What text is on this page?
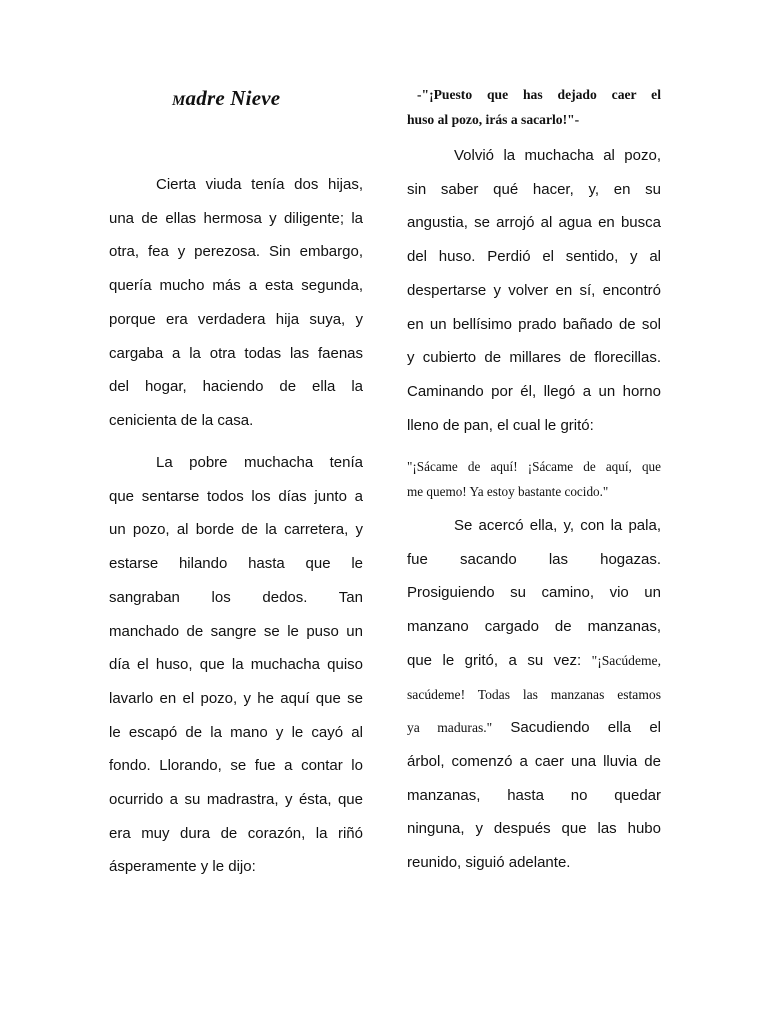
Madre Nieve
Cierta viuda tenía dos hijas,
una de ellas hermosa y diligente; la
otra, fea y perezosa. Sin embargo,
quería mucho más a esta segunda,
porque era verdadera hija suya, y
cargaba a la otra todas las faenas
del hogar, haciendo de ella la
cenicienta de la casa.
La pobre muchacha tenía
que sentarse todos los días junto a
un pozo, al borde de la carretera, y
estarse hilando hasta que le
sangraban los dedos. Tan
manchado de sangre se le puso un
día el huso, que la muchacha quiso
lavarlo en el pozo, y he aquí que se
le escapó de la mano y le cayó al
fondo. Llorando, se fue a contar lo
ocurrido a su madrastra, y ésta, que
era muy dura de corazón, la riñó
ásperamente y le dijo:
-"¡Puesto que has dejado caer el
huso al pozo, irás a sacarlo!"-
Volvió la muchacha al pozo,
sin saber qué hacer, y, en su
angustia, se arrojó al agua en busca
del huso. Perdió el sentido, y al
despertarse y volver en sí, encontró
en un bellísimo prado bañado de sol
y cubierto de millares de florecillas.
Caminando por él, llegó a un horno
lleno de pan, el cual le gritó:
"¡Sácame de aquí! ¡Sácame de aquí, que
me quemo! Ya estoy bastante cocido."
Se acercó ella, y, con la pala,
fue sacando las hogazas.
Prosiguiendo su camino, vio un
manzano cargado de manzanas,
que le gritó, a su vez: "¡Sacúdeme,
sacúdeme! Todas las manzanas estamos
ya maduras." Sacudiendo ella el
árbol, comenzó a caer una lluvia de
manzanas, hasta no quedar
ninguna, y después que las hubo
reunido, siguió adelante.
